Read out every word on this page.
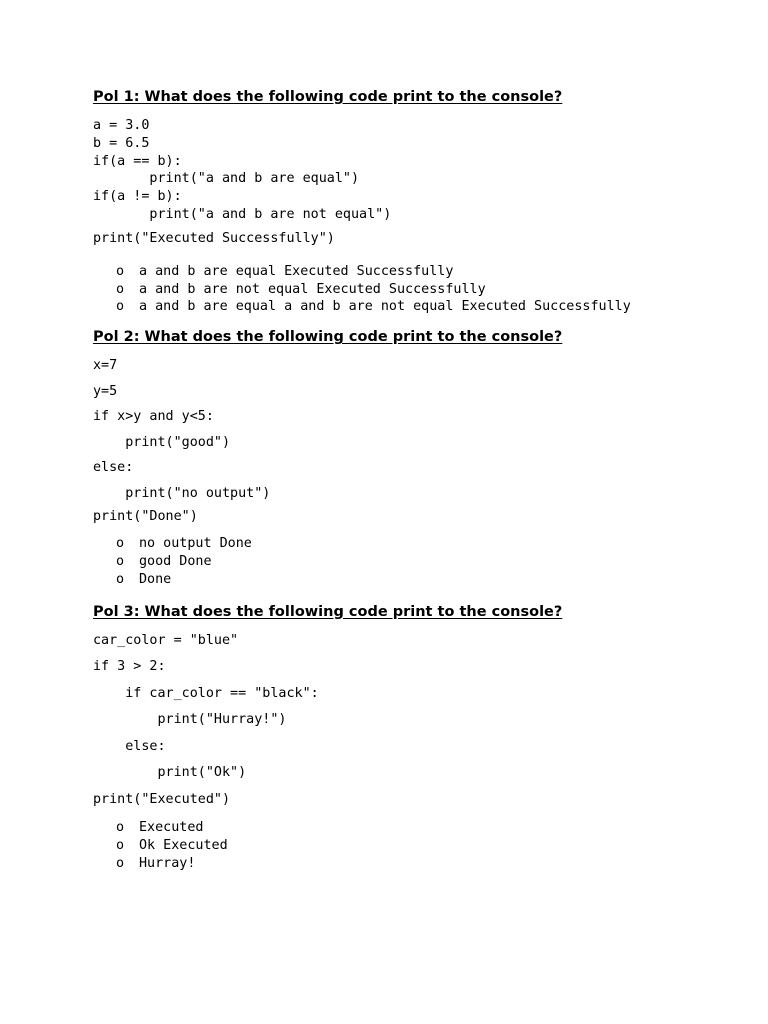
Pol 1: What does the following code print to the console?
a = 3.0
b = 6.5
if(a == b):
print("a and b are equal")
if(a != b):
print("a and b are not equal")
print("Executed Successfully")
o	a and b are equal Executed Successfully
o	a and b are not equal Executed Successfully
o	a and b are equal a and b are not equal Executed Successfully
Pol 2: What does the following code print to the console?
x=7
y=5
if x>y and y<5:
print("good")
else:
print("no output")
print("Done")
o	no output Done
o	good Done
o	Done
Pol 3: What does the following code print to the console?
car_color = "blue"
if 3 > 2:
if car_color == "black":
print("Hurray!")
else:
print("Ok")
print("Executed")
o	Executed
o	Ok Executed
o	Hurray!
